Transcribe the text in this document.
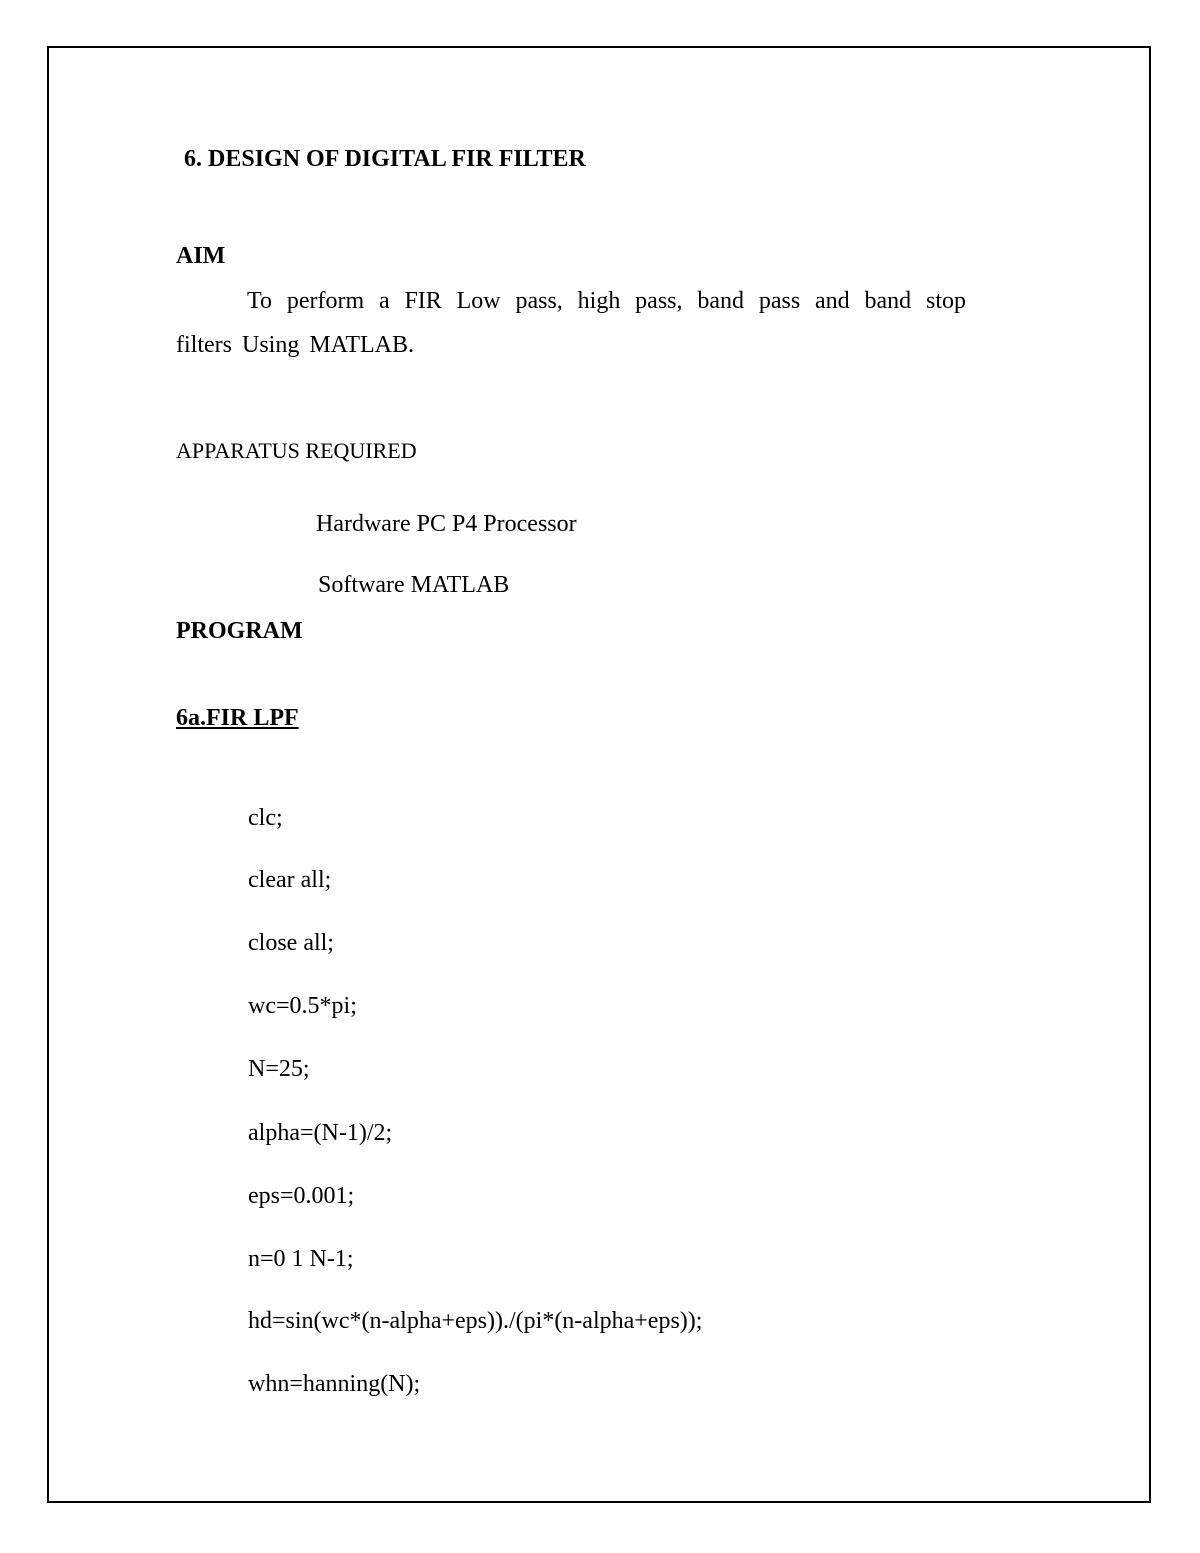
6. DESIGN OF DIGITAL FIR FILTER
AIM
To perform a FIR Low pass, high pass, band pass and band stop
filters Using MATLAB.
APPARATUS REQUIRED
Hardware PC P4 Processor
Software MATLAB
PROGRAM
6a.FIR LPF
clc;
clear all;
close all;
wc=0.5*pi;
N=25;
alpha=(N-1)/2;
eps=0.001;
n=0 1 N-1;
hd=sin(wc*(n-alpha+eps))./(pi*(n-alpha+eps));
whn=hanning(N);
